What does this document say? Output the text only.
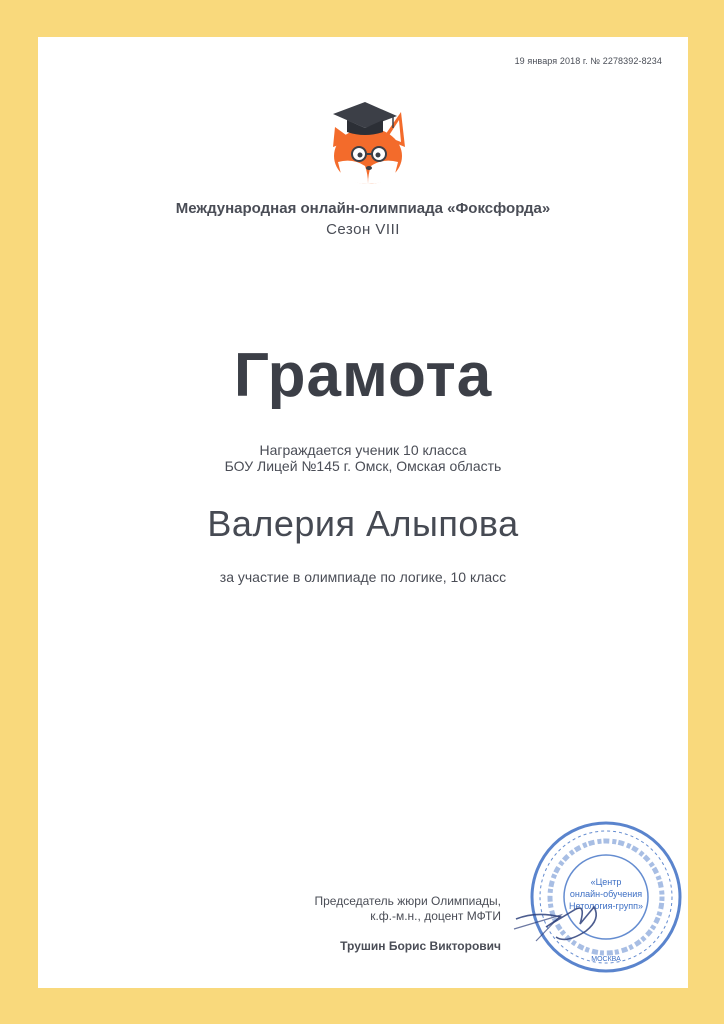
19 января 2018 г. № 2278392-8234
Международная онлайн-олимпиада «Фоксфорда»
Сезон VIII
Грамота
Награждается ученик 10 класса
БОУ Лицей №145 г. Омск, Омская область
Валерия Алыпова
за участие в олимпиаде по логике, 10 класс
Председатель жюри Олимпиады,
к.ф.-м.н., доцент МФТИ
Трушин Борис Викторович
«Центр
онлайн-обучения
Нетология-групп»
МОСКВА
